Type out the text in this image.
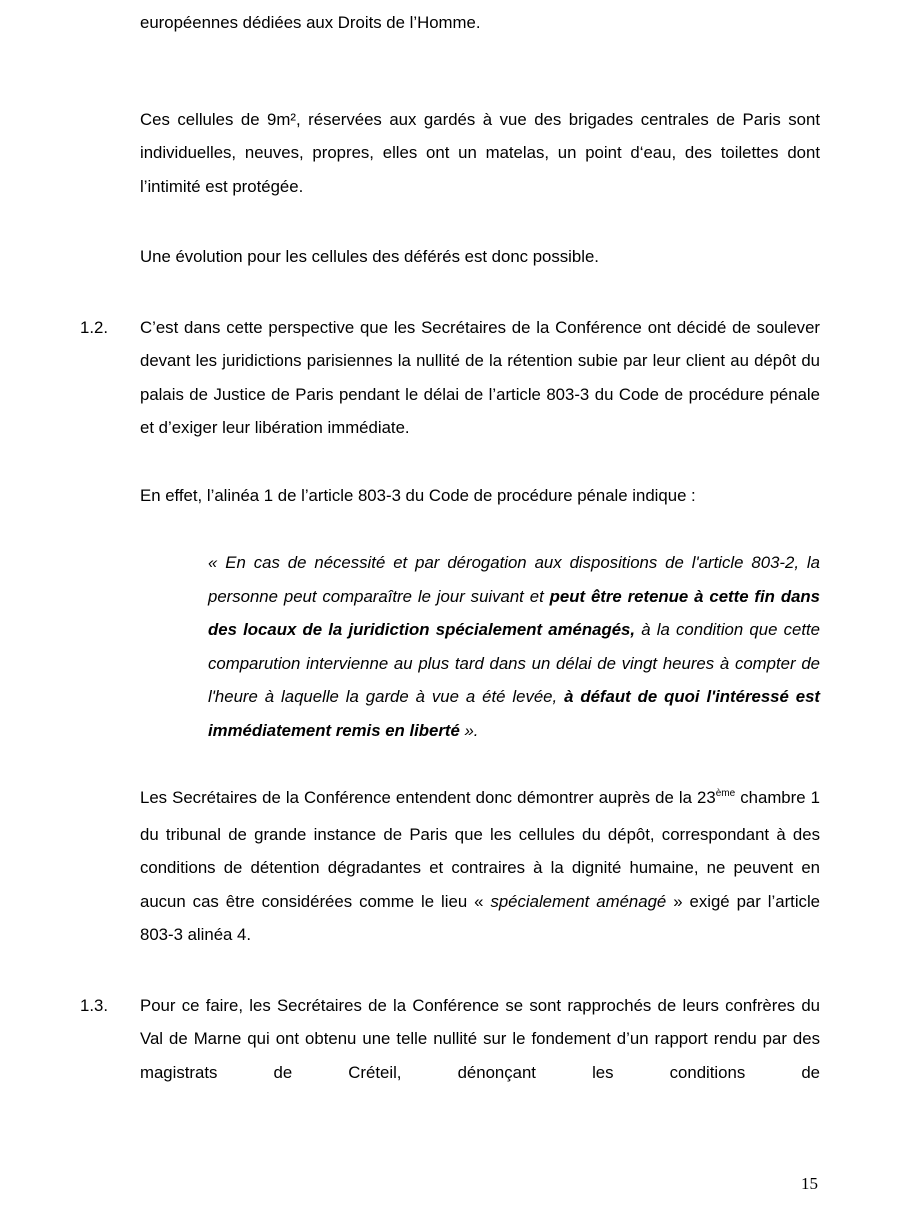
européennes dédiées aux Droits de l’Homme.

Ces cellules de 9m², réservées aux gardés à vue des brigades centrales de Paris sont individuelles, neuves, propres, elles ont un matelas, un point d‘eau, des toilettes dont l’intimité est protégée.

Une évolution pour les cellules des déférés est donc possible.

1.2.	C’est dans cette perspective que les Secrétaires de la Conférence ont décidé de soulever devant les juridictions parisiennes la nullité de la rétention subie par leur client au dépôt du palais de Justice de Paris pendant le délai de l’article 803-3 du Code de procédure pénale et d’exiger leur libération immédiate.

En effet, l’alinéa 1 de l’article 803-3 du Code de procédure pénale indique :

« En cas de nécessité et par dérogation aux dispositions de l'article 803-2, la personne peut comparaître le jour suivant et peut être retenue à cette fin dans des locaux de la juridiction spécialement aménagés, à la condition que cette comparution intervienne au plus tard dans un délai de vingt heures à compter de l'heure à laquelle la garde à vue a été levée, à défaut de quoi l'intéressé est immédiatement remis en liberté ».

Les Secrétaires de la Conférence entendent donc démontrer auprès de la 23ème chambre 1 du tribunal de grande instance de Paris que les cellules du dépôt, correspondant à des conditions de détention dégradantes et contraires à la dignité humaine, ne peuvent en aucun cas être considérées comme le lieu « spécialement aménagé » exigé par l’article 803-3 alinéa 4.

1.3.	Pour ce faire, les Secrétaires de la Conférence se sont rapprochés de leurs confrères du Val de Marne qui ont obtenu une telle nullité sur le fondement d’un rapport rendu par des magistrats de Créteil, dénonçant les conditions de

15
